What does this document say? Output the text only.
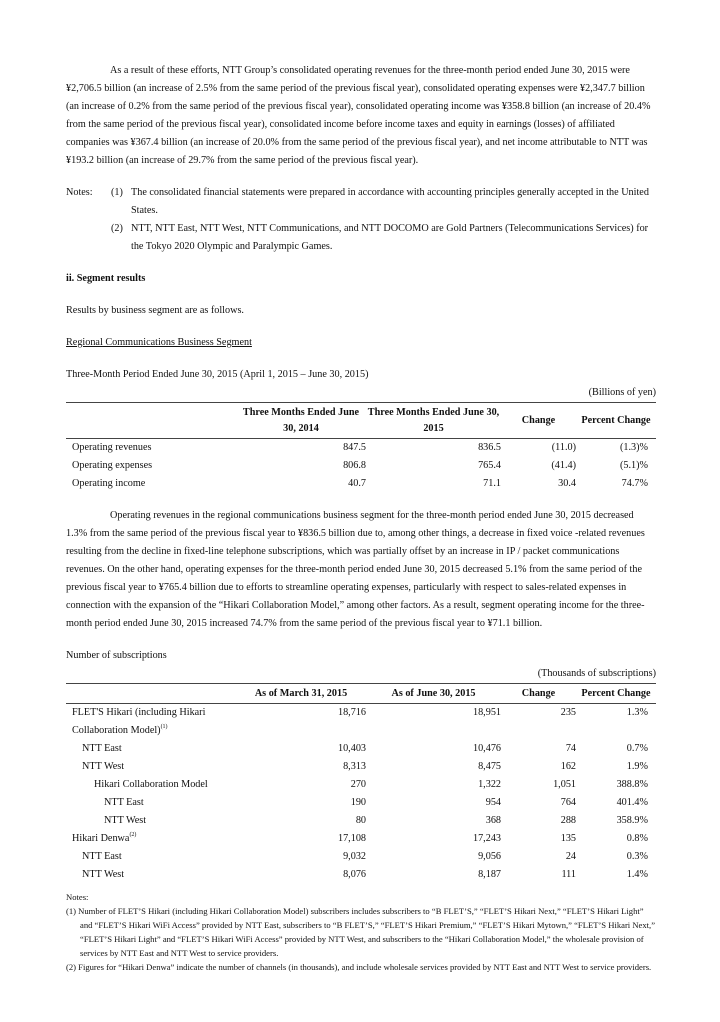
As a result of these efforts, NTT Group’s consolidated operating revenues for the three-month period ended June 30, 2015 were ¥2,706.5 billion (an increase of 2.5% from the same period of the previous fiscal year), consolidated operating expenses were ¥2,347.7 billion (an increase of 0.2% from the same period of the previous fiscal year), consolidated operating income was ¥358.8 billion (an increase of 20.4% from the same period of the previous fiscal year), consolidated income before income taxes and equity in earnings (losses) of affiliated companies was ¥367.4 billion (an increase of 20.0% from the same period of the previous fiscal year), and net income attributable to NTT was ¥193.2 billion (an increase of 29.7% from the same period of the previous fiscal year).

Notes:	(1) The consolidated financial statements were prepared in accordance with accounting principles generally accepted in the United States.
(2) NTT, NTT East, NTT West, NTT Communications, and NTT DOCOMO are Gold Partners (Telecommunications Services) for the Tokyo 2020 Olympic and Paralympic Games.

ii. Segment results

Results by business segment are as follows.

Regional Communications Business Segment

Three-Month Period Ended June 30, 2015 (April 1, 2015 – June 30, 2015)

(Billions of yen)

	Three Months Ended June 30, 2014	Three Months Ended June 30, 2015	Change	Percent Change
Operating revenues	847.5	836.5	(11.0)	(1.3)%
Operating expenses	806.8	765.4	(41.4)	(5.1)%
Operating income	40.7	71.1	30.4	74.7%

Operating revenues in the regional communications business segment for the three-month period ended June 30, 2015 decreased 1.3% from the same period of the previous fiscal year to ¥836.5 billion due to, among other things, a decrease in fixed voice -related revenues resulting from the decline in fixed-line telephone subscriptions, which was partially offset by an increase in IP / packet communications revenues. On the other hand, operating expenses for the three-month period ended June 30, 2015 decreased 5.1% from the same period of the previous fiscal year to ¥765.4 billion due to efforts to streamline operating expenses, particularly with respect to sales-related expenses in connection with the expansion of the “Hikari Collaboration Model,” among other factors. As a result, segment operating income for the three-month period ended June 30, 2015 increased 74.7% from the same period of the previous fiscal year to ¥71.1 billion.

Number of subscriptions

(Thousands of subscriptions)

	As of March 31, 2015	As of June 30, 2015	Change	Percent Change
FLET'S Hikari (including Hikari Collaboration Model)$^{(1)}$	18,716	18,951	235	1.3%
NTT East	10,403	10,476	74	0.7%
NTT West	8,313	8,475	162	1.9%
Hikari Collaboration Model	270	1,322	1,051	388.8%
NTT East	190	954	764	401.4%
NTT West	80	368	288	358.9%
Hikari Denwa$^{(2)}$	17,108	17,243	135	0.8%
NTT East	9,032	9,056	24	0.3%
NTT West	8,076	8,187	111	1.4%

Notes:

(1) Number of FLET’S Hikari (including Hikari Collaboration Model) subscribers includes subscribers to “B FLET’S,” “FLET’S Hikari Next,” “FLET’S Hikari Light” and “FLET’S Hikari WiFi Access” provided by NTT East, subscribers to “B FLET’S,” “FLET’S Hikari Premium,” “FLET’S Hikari Mytown,” “FLET’S Hikari Next,” “FLET’S Hikari Light” and “FLET’S Hikari WiFi Access” provided by NTT West, and subscribers to the “Hikari Collaboration Model,” the wholesale provision of services by NTT East and NTT West to service providers.

(2) Figures for “Hikari Denwa” indicate the number of channels (in thousands), and include wholesale services provided by NTT East and NTT West to service providers.
